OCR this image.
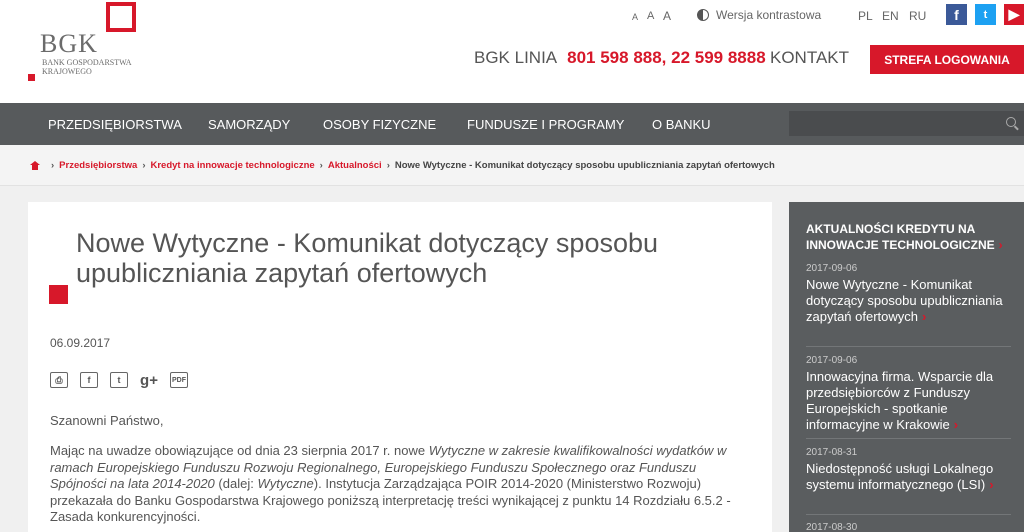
BGK
BANK GOSPODARSTWA KRAJOWEGO
A A A	Wersja kontrastowa	PL EN RU	f	t	▶
BGK LINIA 801 598 888, 22 599 8888 KONTAKT	STREFA LOGOWANIA
PRZEDSIĘBIORSTWA SAMORZĄDY	OSOBY FIZYCZNE FUNDUSZE I PROGRAMY O BANKU
› Przedsiębiorstwa › Kredyt na innowacje technologiczne › Aktualności › Nowe Wytyczne - Komunikat dotyczący sposobu upubliczniania zapytań ofertowych
Nowe Wytyczne - Komunikat dotyczący sposobu upubliczniania zapytań ofertowych
06.09.2017
⎙	f	t	g+ PDF

Szanowni Państwo,

Mając na uwadze obowiązujące od dnia 23 sierpnia 2017 r. nowe Wytyczne w zakresie kwalifikowalności wydatków w ramach Europejskiego Funduszu Rozwoju Regionalnego, Europejskiego Funduszu Społecznego oraz Funduszu Spójności na lata 2014-2020 (dalej: Wytyczne). Instytucja Zarządzająca POIR 2014-2020 (Ministerstwo Rozwoju) przekazała do Banku Gospodarstwa Krajowego poniższą interpretację treści wynikającej z punktu 14 Rozdziału 6.5.2 - Zasada konkurencyjności.

AKTUALNOŚCI KREDYTU NA INNOWACJE TECHNOLOGICZNE ›
2017-09-06
Nowe Wytyczne - Komunikat dotyczący sposobu upubliczniania zapytań ofertowych ›
2017-09-06
Innowacyjna firma. Wsparcie dla przedsiębiorców z Funduszy Europejskich - spotkanie informacyjne w Krakowie ›
2017-08-31
Niedostępność usługi Lokalnego systemu informatycznego (LSI) ›
2017-08-30
